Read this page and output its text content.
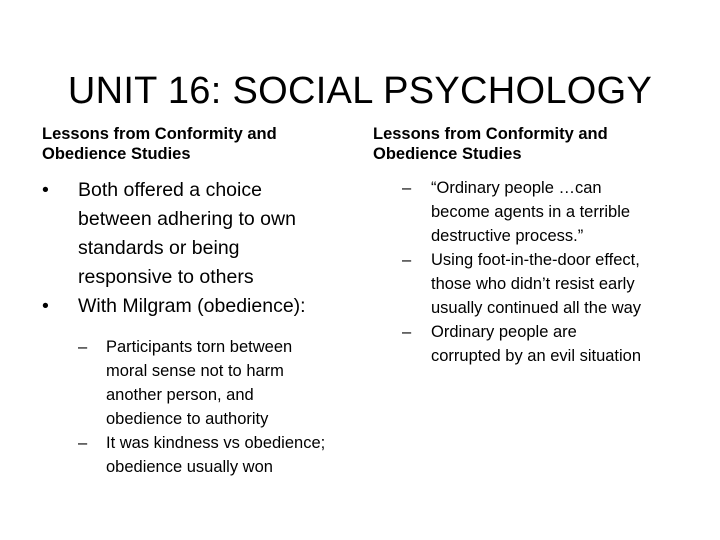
UNIT 16: SOCIAL PSYCHOLOGY

Lessons from Conformity and
Obedience Studies

•	Both offered a choice
between adhering to own
standards or being
responsive to others
•	With Milgram (obedience):
–	Participants torn between
moral sense not to harm
another person, and
obedience to authority
–	It was kindness vs obedience;
obedience usually won

Lessons from Conformity and
Obedience Studies

–	“Ordinary people …can
become agents in a terrible
destructive process.”
–	Using foot-in-the-door effect,
those who didn’t resist early
usually continued all the way
–	Ordinary people are
corrupted by an evil situation
